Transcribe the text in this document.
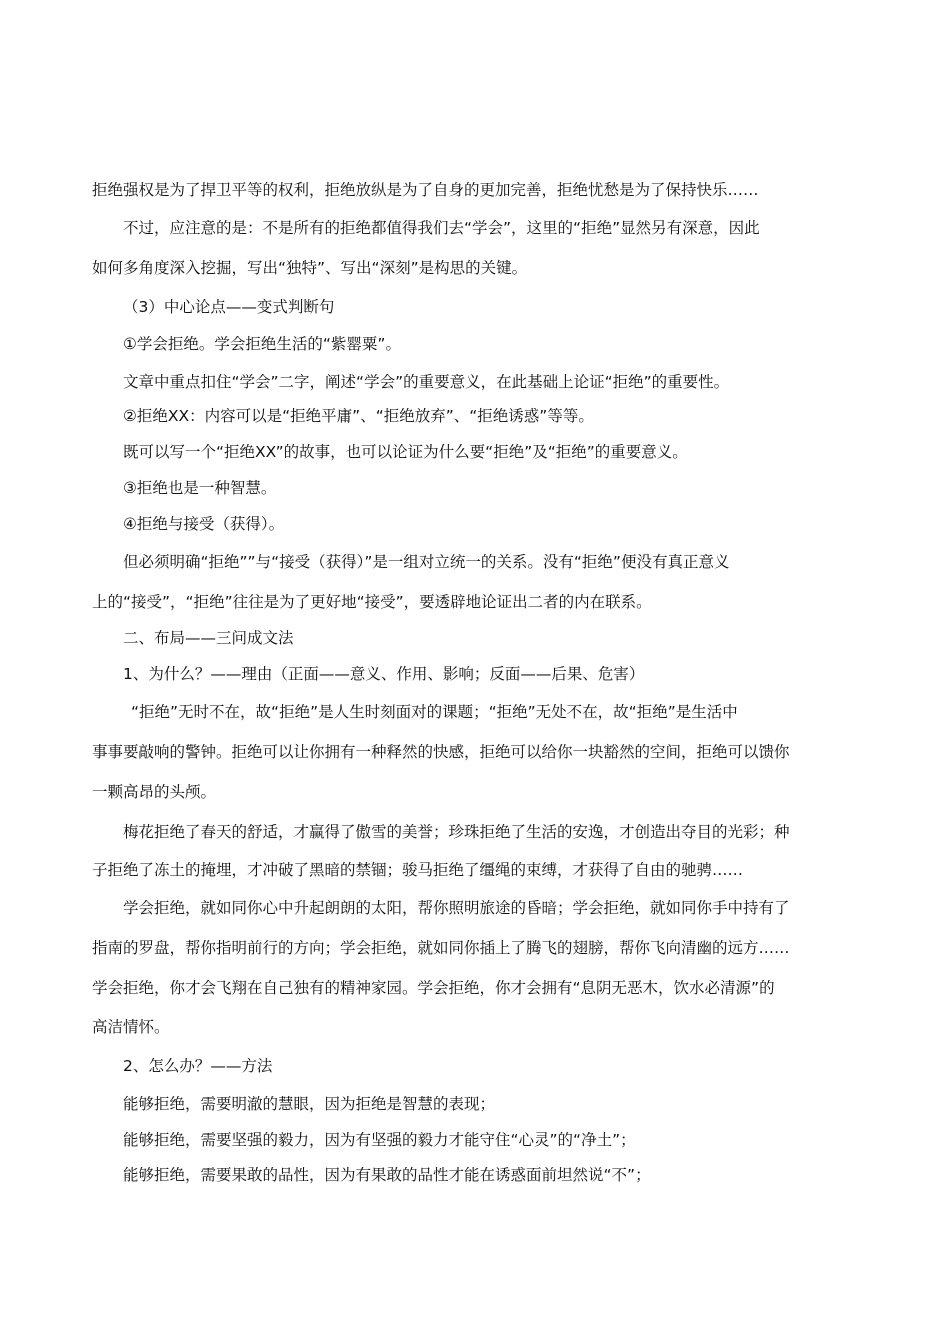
拒绝强权是为了捍卫平等的权利，拒绝放纵是为了自身的更加完善，拒绝忧愁是为了保持快乐……
不过，应注意的是：不是所有的拒绝都值得我们去“学会”，这里的“拒绝”显然另有深意，因此
如何多角度深入挖掘，写出“独特”、写出“深刻”是构思的关键。
（3）中心论点——变式判断句
①学会拒绝。学会拒绝生活的“紫罂粟”。
文章中重点扣住“学会”二字，阐述“学会”的重要意义，在此基础上论证“拒绝”的重要性。
②拒绝XX：内容可以是“拒绝平庸”、“拒绝放弃”、“拒绝诱惑”等等。
既可以写一个“拒绝XX”的故事，也可以论证为什么要“拒绝”及“拒绝”的重要意义。
③拒绝也是一种智慧。
④拒绝与接受（获得）。
但必须明确“拒绝””与“接受（获得）”是一组对立统一的关系。没有“拒绝”便没有真正意义
上的“接受”，“拒绝”往往是为了更好地“接受”，要透辟地论证出二者的内在联系。
二、布局——三问成文法
1、为什么？——理由（正面——意义、作用、影响；反面——后果、危害）
“拒绝”无时不在，故“拒绝”是人生时刻面对的课题；“拒绝”无处不在，故“拒绝”是生活中
事事要敲响的警钟。拒绝可以让你拥有一种释然的快感，拒绝可以给你一块豁然的空间，拒绝可以馈你
一颗高昂的头颅。
梅花拒绝了春天的舒适，才赢得了傲雪的美誉；珍珠拒绝了生活的安逸，才创造出夺目的光彩；种
子拒绝了冻土的掩埋，才冲破了黑暗的禁锢；骏马拒绝了缰绳的束缚，才获得了自由的驰骋……
学会拒绝，就如同你心中升起朗朗的太阳，帮你照明旅途的昏暗；学会拒绝，就如同你手中持有了
指南的罗盘，帮你指明前行的方向；学会拒绝，就如同你插上了腾飞的翅膀，帮你飞向清幽的远方……
学会拒绝，你才会飞翔在自己独有的精神家园。学会拒绝，你才会拥有“息阴无恶木，饮水必清源”的
高洁情怀。
2、怎么办？——方法
能够拒绝，需要明澈的慧眼，因为拒绝是智慧的表现；
能够拒绝，需要坚强的毅力，因为有坚强的毅力才能守住“心灵”的“净土”；
能够拒绝，需要果敢的品性，因为有果敢的品性才能在诱惑面前坦然说“不”；
